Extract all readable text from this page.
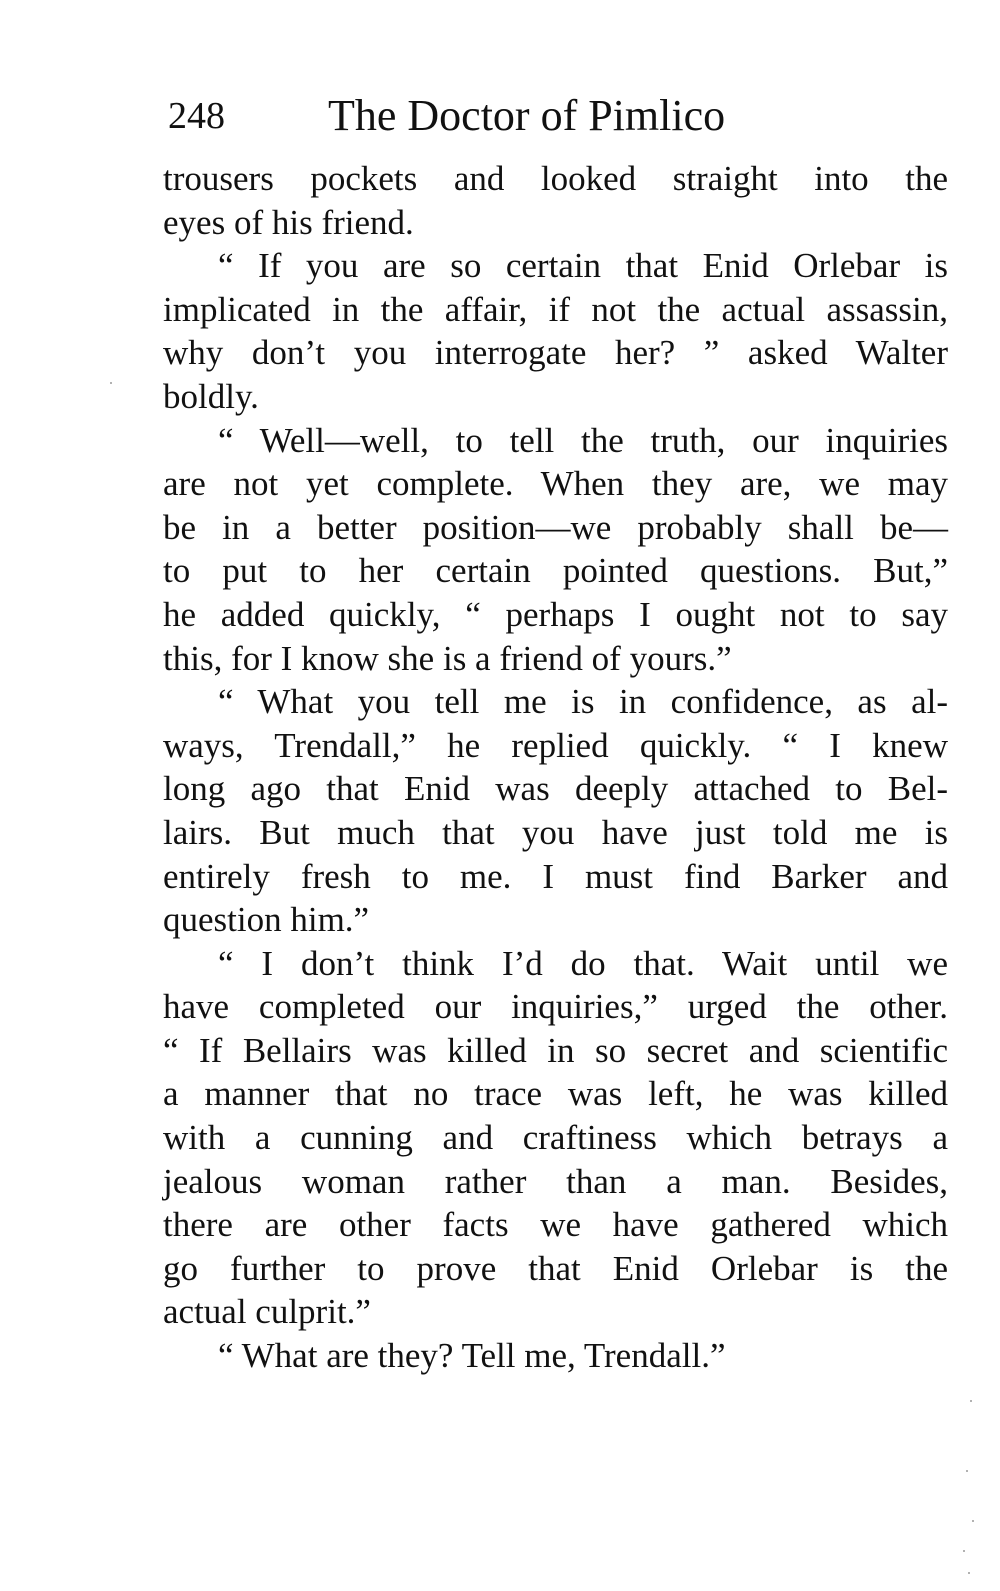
248 The Doctor of Pimlico
trousers pockets and looked straight into the
eyes of his friend.
“ If you are so certain that Enid Orlebar is
implicated in the affair, if not the actual assassin,
why don’t you interrogate her? ” asked Walter
boldly.
“ Well—well, to tell the truth, our inquiries
are not yet complete. When they are, we may
be in a better position—we probably shall be—
to put to her certain pointed questions. But,”
he added quickly, “ perhaps I ought not to say
this, for I know she is a friend of yours.”
“ What you tell me is in confidence, as al-
ways, Trendall,” he replied quickly. “ I knew
long ago that Enid was deeply attached to Bel-
lairs. But much that you have just told me is
entirely fresh to me. I must find Barker and
question him.”
“ I don’t think I’d do that. Wait until we
have completed our inquiries,” urged the other.
“ If Bellairs was killed in so secret and scientific
a manner that no trace was left, he was killed
with a cunning and craftiness which betrays a
jealous woman rather than a man. Besides,
there are other facts we have gathered which
go further to prove that Enid Orlebar is the
actual culprit.”
“ What are they? Tell me, Trendall.”
